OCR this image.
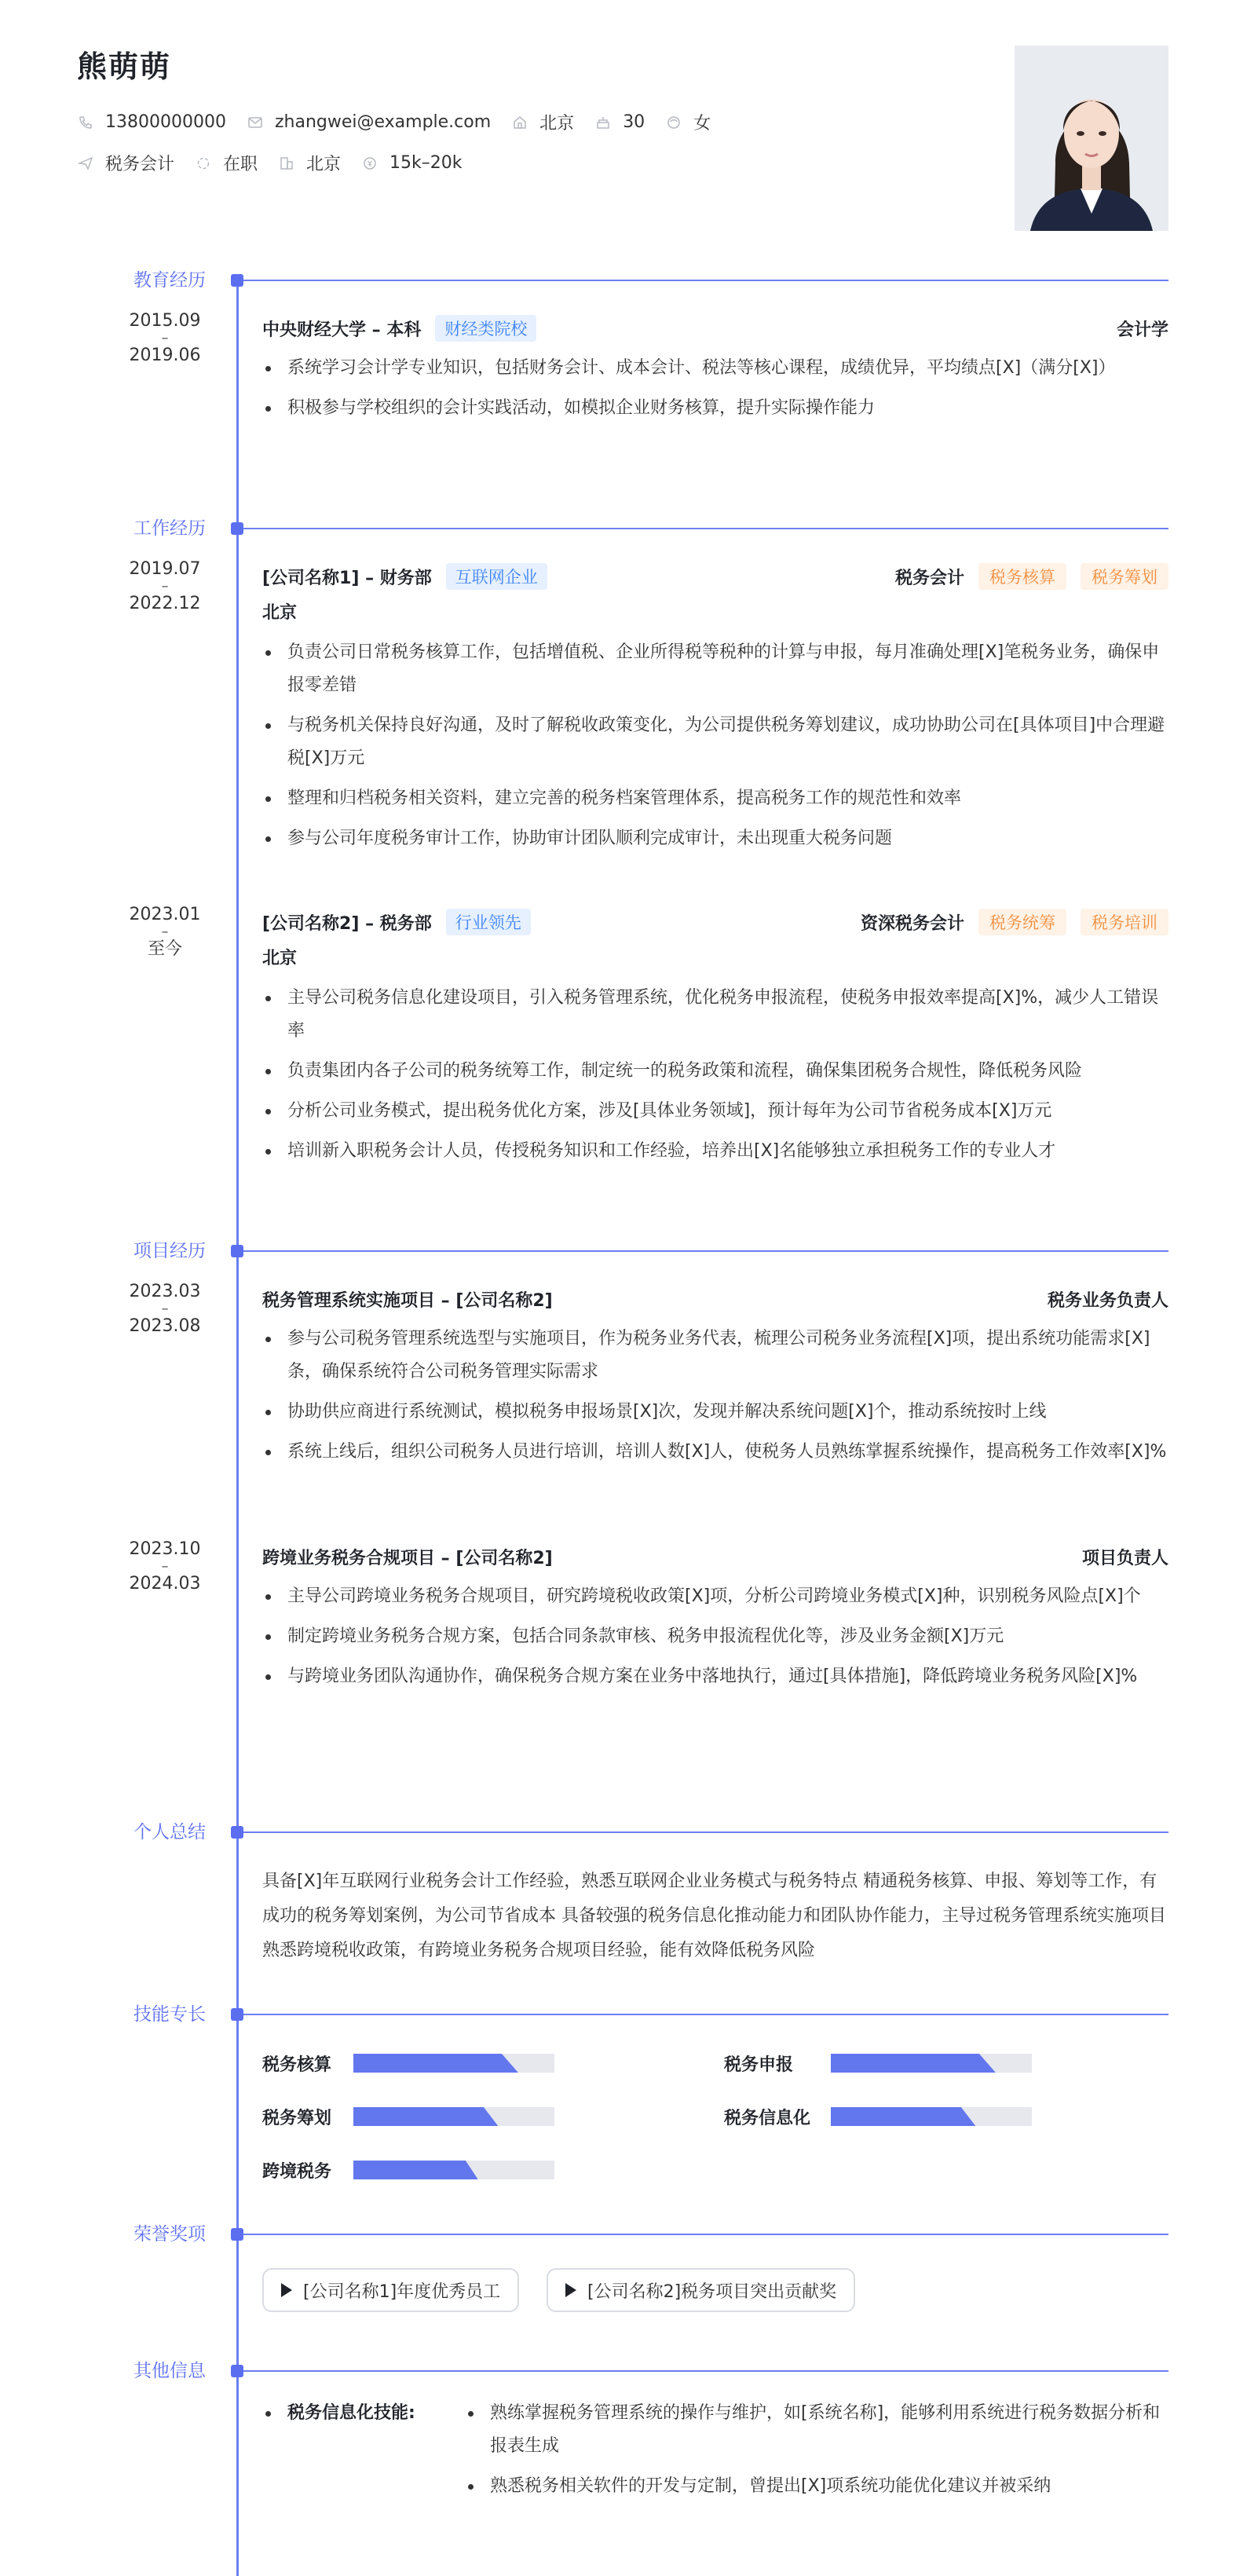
熊萌萌
13800000000	zhangwei@example.com	北京	30	女
税务会计	在职	北京	15k–20k
教育经历
2015.09
–
2019.06
中央财经大学 – 本科	财经类院校	会计学
系统学习会计学专业知识，包括财务会计、成本会计、税法等核心课程，成绩优异，平均绩点[X]（满分[X]）
积极参与学校组织的会计实践活动，如模拟企业财务核算，提升实际操作能力
工作经历
2019.07
–
2022.12
[公司名称1] – 财务部	互联网企业	税务会计	税务核算	税务筹划
北京
负责公司日常税务核算工作，包括增值税、企业所得税等税种的计算与申报，每月准确处理[X]笔税务业务，确保申报零差错
与税务机关保持良好沟通，及时了解税收政策变化，为公司提供税务筹划建议，成功协助公司在[具体项目]中合理避税[X]万元
整理和归档税务相关资料，建立完善的税务档案管理体系，提高税务工作的规范性和效率
参与公司年度税务审计工作，协助审计团队顺利完成审计，未出现重大税务问题
2023.01
–
至今
[公司名称2] – 税务部	行业领先	资深税务会计	税务统筹	税务培训
北京
主导公司税务信息化建设项目，引入税务管理系统，优化税务申报流程，使税务申报效率提高[X]%，减少人工错误率
负责集团内各子公司的税务统筹工作，制定统一的税务政策和流程，确保集团税务合规性，降低税务风险
分析公司业务模式，提出税务优化方案，涉及[具体业务领域]，预计每年为公司节省税务成本[X]万元
培训新入职税务会计人员，传授税务知识和工作经验，培养出[X]名能够独立承担税务工作的专业人才
项目经历
2023.03
–
2023.08
税务管理系统实施项目 – [公司名称2]	税务业务负责人
参与公司税务管理系统选型与实施项目，作为税务业务代表，梳理公司税务业务流程[X]项，提出系统功能需求[X]条，确保系统符合公司税务管理实际需求
协助供应商进行系统测试，模拟税务申报场景[X]次，发现并解决系统问题[X]个，推动系统按时上线
系统上线后，组织公司税务人员进行培训，培训人数[X]人，使税务人员熟练掌握系统操作，提高税务工作效率[X]%
2023.10
–
2024.03
跨境业务税务合规项目 – [公司名称2]	项目负责人
主导公司跨境业务税务合规项目，研究跨境税收政策[X]项，分析公司跨境业务模式[X]种，识别税务风险点[X]个
制定跨境业务税务合规方案，包括合同条款审核、税务申报流程优化等，涉及业务金额[X]万元
与跨境业务团队沟通协作，确保税务合规方案在业务中落地执行，通过[具体措施]，降低跨境业务税务风险[X]%
个人总结
具备[X]年互联网行业税务会计工作经验，熟悉互联网企业业务模式与税务特点 精通税务核算、申报、筹划等工作，有成功的税务筹划案例，为公司节省成本 具备较强的税务信息化推动能力和团队协作能力，主导过税务管理系统实施项目 熟悉跨境税收政策，有跨境业务税务合规项目经验，能有效降低税务风险
技能专长
税务核算	税务申报
税务筹划	税务信息化
跨境税务
荣誉奖项
[公司名称1]年度优秀员工	[公司名称2]税务项目突出贡献奖
其他信息
税务信息化技能:	熟练掌握税务管理系统的操作与维护，如[系统名称]，能够利用系统进行税务数据分析和报表生成
熟悉税务相关软件的开发与定制，曾提出[X]项系统功能优化建议并被采纳
